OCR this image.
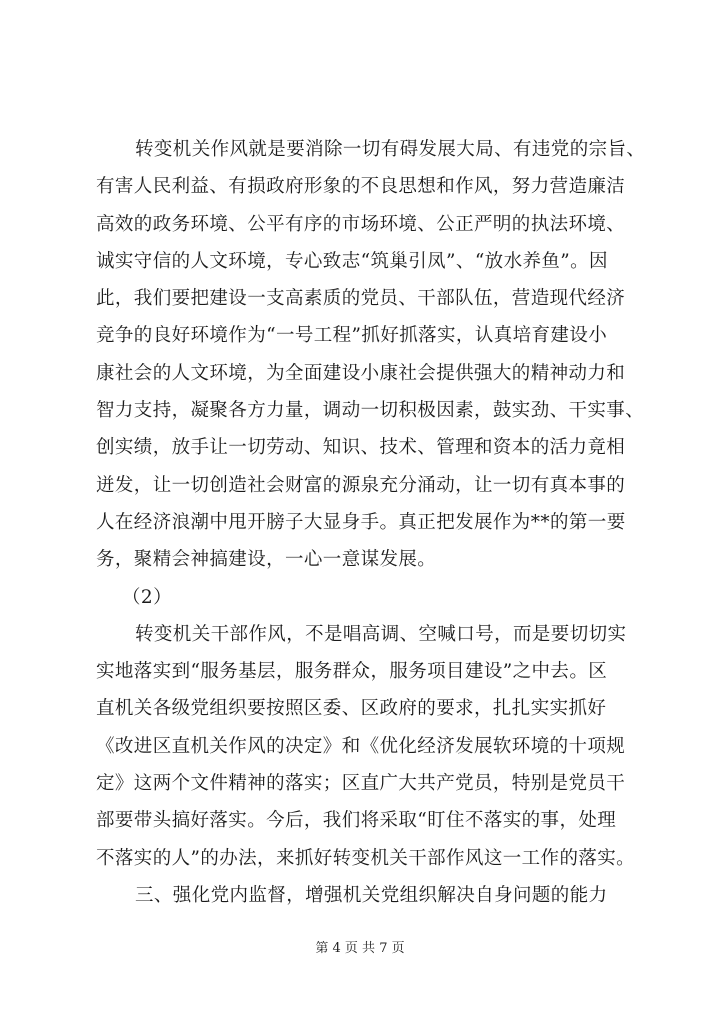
转变机关作风就是要消除一切有碍发展大局、有违党的宗旨、
有害人民利益、有损政府形象的不良思想和作风，努力营造廉洁
高效的政务环境、公平有序的市场环境、公正严明的执法环境、
诚实守信的人文环境，专心致志“筑巢引凤”、“放水养鱼”。因
此，我们要把建设一支高素质的党员、干部队伍，营造现代经济
竞争的良好环境作为“一号工程”抓好抓落实，认真培育建设小
康社会的人文环境，为全面建设小康社会提供强大的精神动力和
智力支持，凝聚各方力量，调动一切积极因素，鼓实劲、干实事、
创实绩，放手让一切劳动、知识、技术、管理和资本的活力竟相
迸发，让一切创造社会财富的源泉充分涌动，让一切有真本事的
人在经济浪潮中甩开膀子大显身手。真正把发展作为**的第一要
务，聚精会神搞建设，一心一意谋发展。
（2）
转变机关干部作风，不是唱高调、空喊口号，而是要切切实
实地落实到“服务基层，服务群众，服务项目建设”之中去。区
直机关各级党组织要按照区委、区政府的要求，扎扎实实抓好
《改进区直机关作风的决定》和《优化经济发展软环境的十项规
定》这两个文件精神的落实；区直广大共产党员，特别是党员干
部要带头搞好落实。今后，我们将采取“盯住不落实的事，处理
不落实的人”的办法，来抓好转变机关干部作风这一工作的落实。
三、强化党内监督，增强机关党组织解决自身问题的能力
第 4 页 共 7 页
